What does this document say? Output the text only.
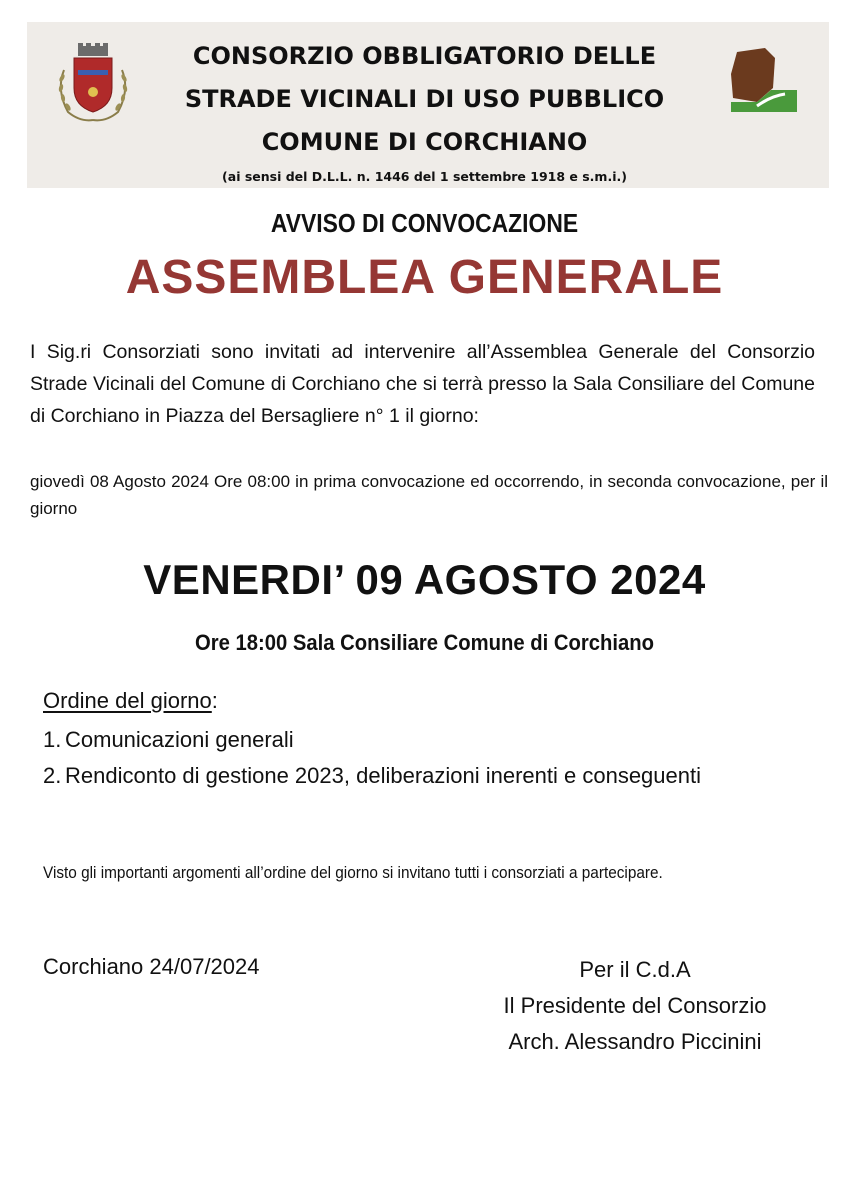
CONSORZIO OBBLIGATORIO DELLE
STRADE VICINALI DI USO PUBBLICO
COMUNE DI CORCHIANO
(ai sensi del D.L.L. n. 1446 del 1 settembre 1918 e s.m.i.)
AVVISO DI CONVOCAZIONE
ASSEMBLEA GENERALE
I Sig.ri Consorziati sono invitati ad intervenire all’Assemblea Generale del Consorzio Strade Vicinali del Comune di Corchiano che si terrà presso la Sala Consiliare del Comune di Corchiano in Piazza del Bersagliere n° 1 il giorno:
giovedì 08 Agosto 2024 Ore 08:00 in prima convocazione ed occorrendo, in seconda convocazione, per il giorno
VENERDI’ 09 AGOSTO 2024
Ore 18:00 Sala Consiliare Comune di Corchiano
Ordine del giorno:
1. Comunicazioni generali
2. Rendiconto di gestione 2023, deliberazioni inerenti e conseguenti
Visto gli importanti argomenti all’ordine del giorno si invitano tutti i consorziati a partecipare.
Corchiano 24/07/2024	Per il C.d.A
Il Presidente del Consorzio
Arch. Alessandro Piccinini
